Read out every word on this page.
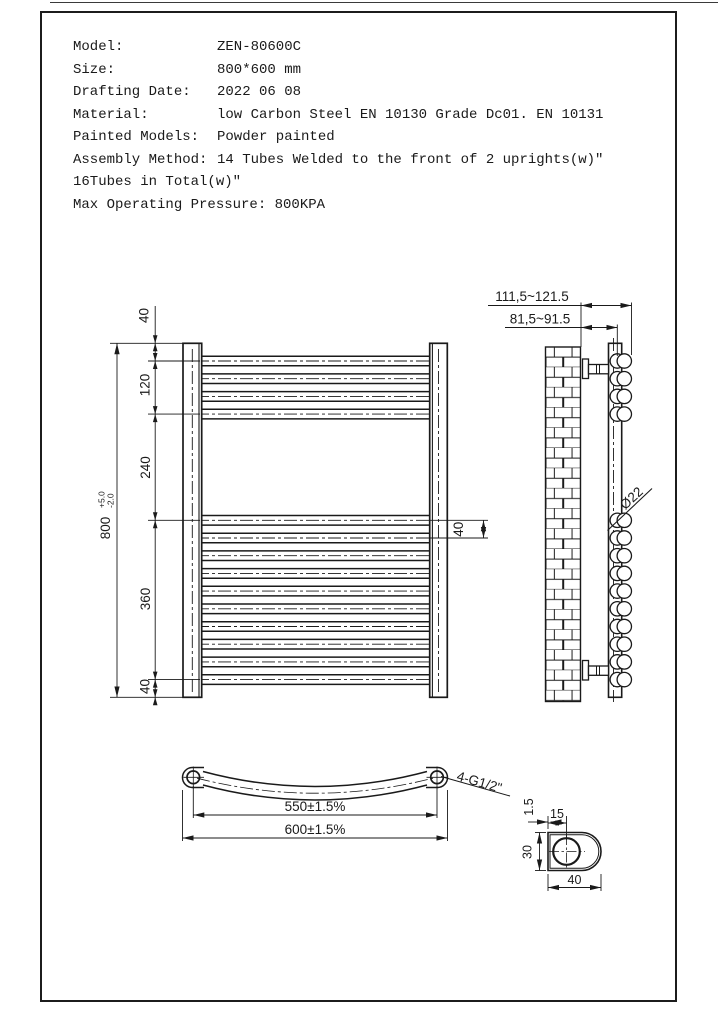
Model:	ZEN-80600C
Size:	800*600 mm
Drafting Date:	2022 06 08
Material:	low Carbon Steel EN 10130 Grade Dc01. EN 10131
Painted Models:	Powder painted
Assembly Method: 14 Tubes Welded to the front of 2 uprights(w)"
16Tubes in Total(w)"
Max Operating Pressure: 800KPA
40
120
240
360
40
800
+5.0 -2.0
40
111,5~121.5
81,5~91.5
Ø22
550±1.5%
600±1.5%
4-G1/2"
1.5 15
30
40
